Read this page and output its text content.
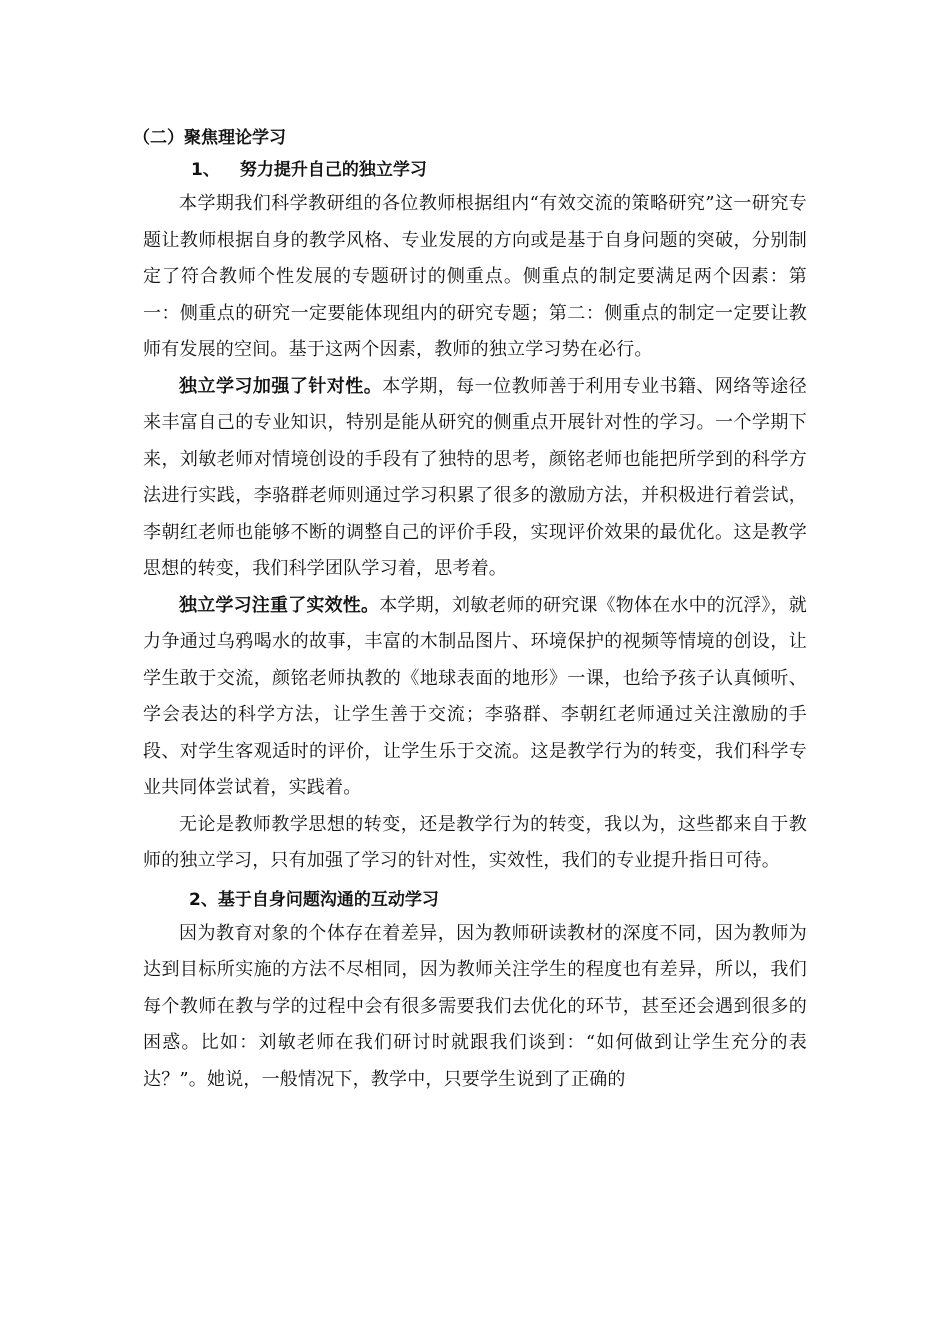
（二）聚焦理论学习
1、 努力提升自己的独立学习

本学期我们科学教研组的各位教师根据组内“有效交流的策略研究”这一研究专题让教师根据自身的教学风格、专业发展的方向或是基于自身问题的突破，分别制定了符合教师个性发展的专题研讨的侧重点。侧重点的制定要满足两个因素：第一：侧重点的研究一定要能体现组内的研究专题；第二：侧重点的制定一定要让教师有发展的空间。基于这两个因素，教师的独立学习势在必行。

独立学习加强了针对性。本学期，每一位教师善于利用专业书籍、网络等途径来丰富自己的专业知识，特别是能从研究的侧重点开展针对性的学习。一个学期下来，刘敏老师对情境创设的手段有了独特的思考，颜铭老师也能把所学到的科学方法进行实践，李骆群老师则通过学习积累了很多的激励方法，并积极进行着尝试，李朝红老师也能够不断的调整自己的评价手段，实现评价效果的最优化。这是教学思想的转变，我们科学团队学习着，思考着。

独立学习注重了实效性。本学期，刘敏老师的研究课《物体在水中的沉浮》，就力争通过乌鸦喝水的故事，丰富的木制品图片、环境保护的视频等情境的创设，让学生敢于交流，颜铭老师执教的《地球表面的地形》一课，也给予孩子认真倾听、学会表达的科学方法，让学生善于交流；李骆群、李朝红老师通过关注激励的手段、对学生客观适时的评价，让学生乐于交流。这是教学行为的转变，我们科学专业共同体尝试着，实践着。

无论是教师教学思想的转变，还是教学行为的转变，我以为，这些都来自于教师的独立学习，只有加强了学习的针对性，实效性，我们的专业提升指日可待。

2、基于自身问题沟通的互动学习

因为教育对象的个体存在着差异，因为教师研读教材的深度不同，因为教师为达到目标所实施的方法不尽相同，因为教师关注学生的程度也有差异，所以，我们每个教师在教与学的过程中会有很多需要我们去优化的环节，甚至还会遇到很多的困惑。比如：刘敏老师在我们研讨时就跟我们谈到：“如何做到让学生充分的表达？”。她说，一般情况下，教学中，只要学生说到了正确的
